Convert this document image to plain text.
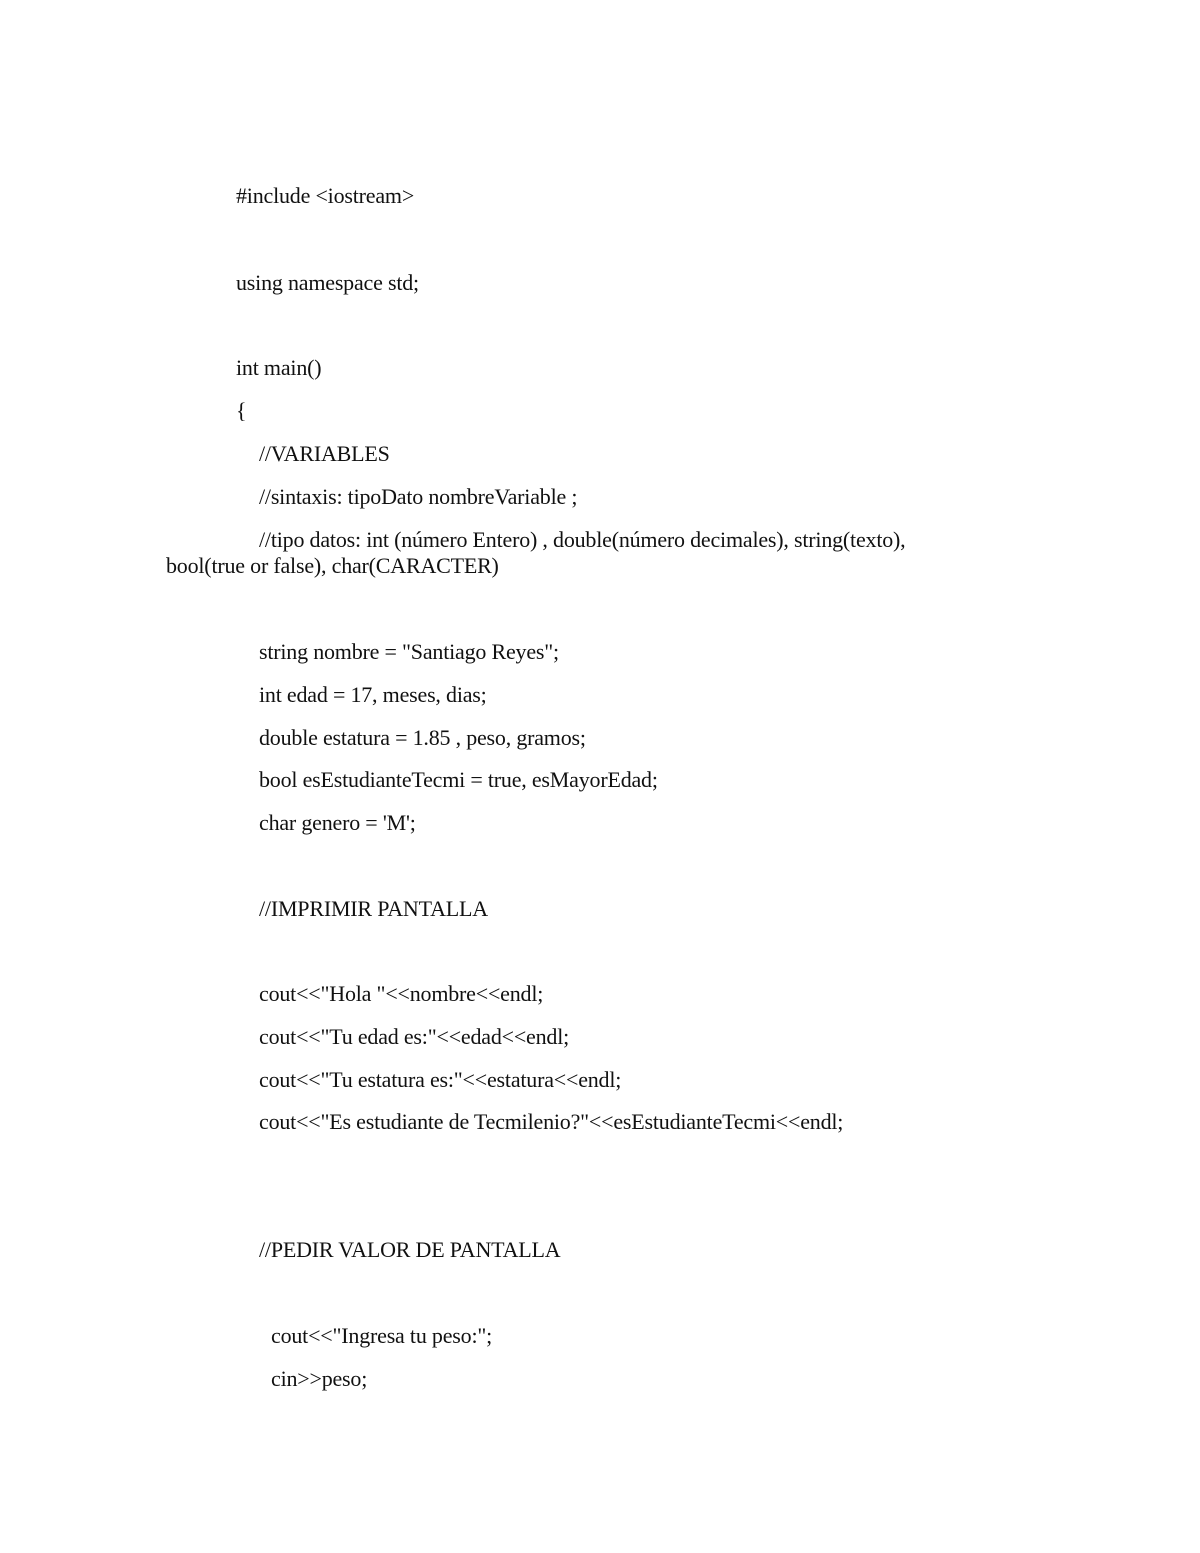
#include <iostream>
using namespace std;
int main()
{
//VARIABLES
//sintaxis: tipoDato nombreVariable ;
//tipo datos: int (número Entero) , double(número decimales), string(texto),
bool(true or false), char(CARACTER)
string nombre = "Santiago Reyes";
int edad = 17, meses, dias;
double estatura = 1.85 , peso, gramos;
bool esEstudianteTecmi = true, esMayorEdad;
char genero = 'M';
//IMPRIMIR PANTALLA
cout<<"Hola "<<nombre<<endl;
cout<<"Tu edad es:"<<edad<<endl;
cout<<"Tu estatura es:"<<estatura<<endl;
cout<<"Es estudiante de Tecmilenio?"<<esEstudianteTecmi<<endl;
//PEDIR VALOR DE PANTALLA
cout<<"Ingresa tu peso:";
cin>>peso;
